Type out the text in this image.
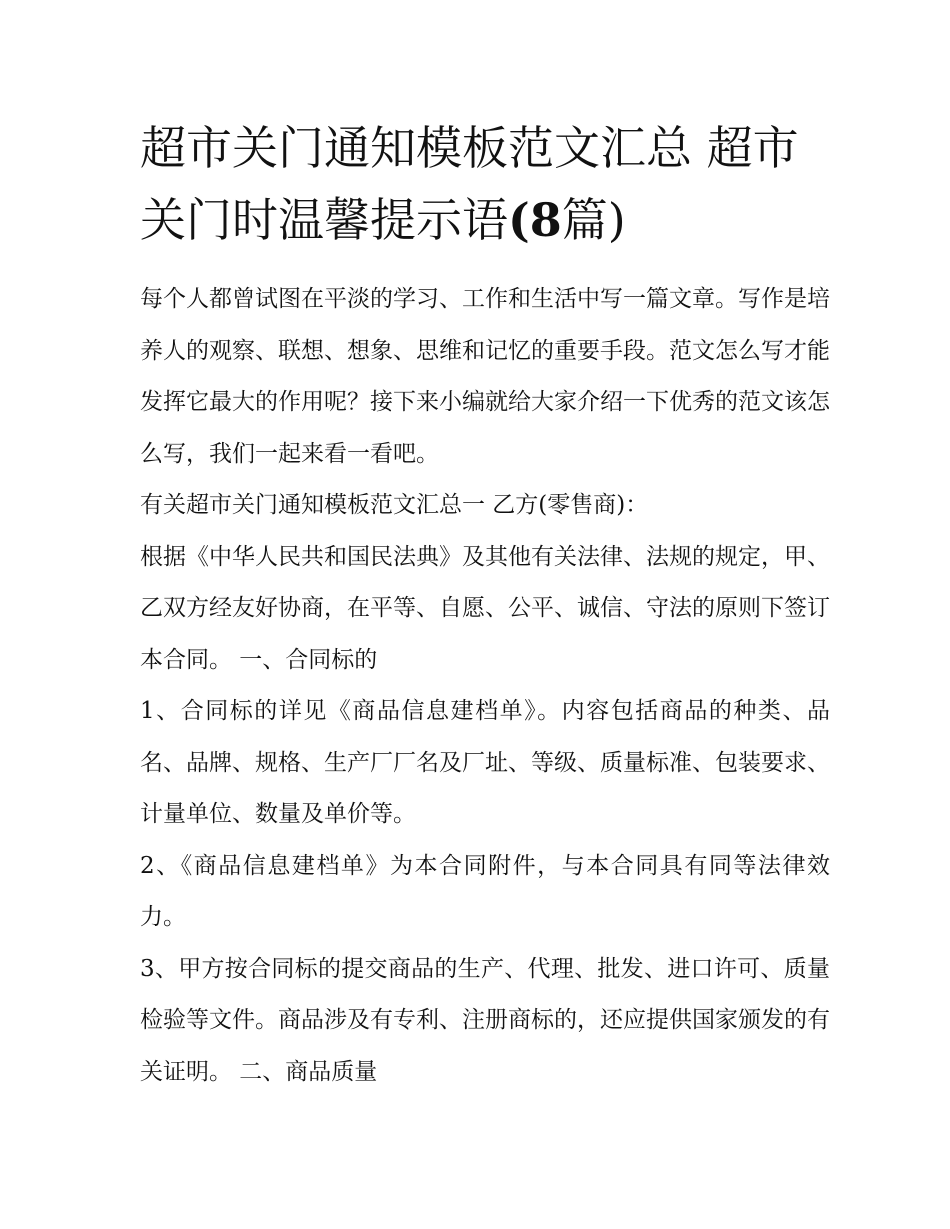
超市关门通知模板范文汇总 超市关门时温馨提示语(8篇)

每个人都曾试图在平淡的学习、工作和生活中写一篇文章。写作是培养人的观察、联想、想象、思维和记忆的重要手段。范文怎么写才能发挥它最大的作用呢？接下来小编就给大家介绍一下优秀的范文该怎么写，我们一起来看一看吧。

有关超市关门通知模板范文汇总一 乙方(零售商)：

根据《中华人民共和国民法典》及其他有关法律、法规的规定，甲、乙双方经友好协商，在平等、自愿、公平、诚信、守法的原则下签订本合同。 一、合同标的

1、合同标的详见《商品信息建档单》。内容包括商品的种类、品名、品牌、规格、生产厂厂名及厂址、等级、质量标准、包装要求、计量单位、数量及单价等。

2、《商品信息建档单》为本合同附件，与本合同具有同等法律效力。

3、甲方按合同标的提交商品的生产、代理、批发、进口许可、质量检验等文件。商品涉及有专利、注册商标的，还应提供国家颁发的有关证明。 二、商品质量
